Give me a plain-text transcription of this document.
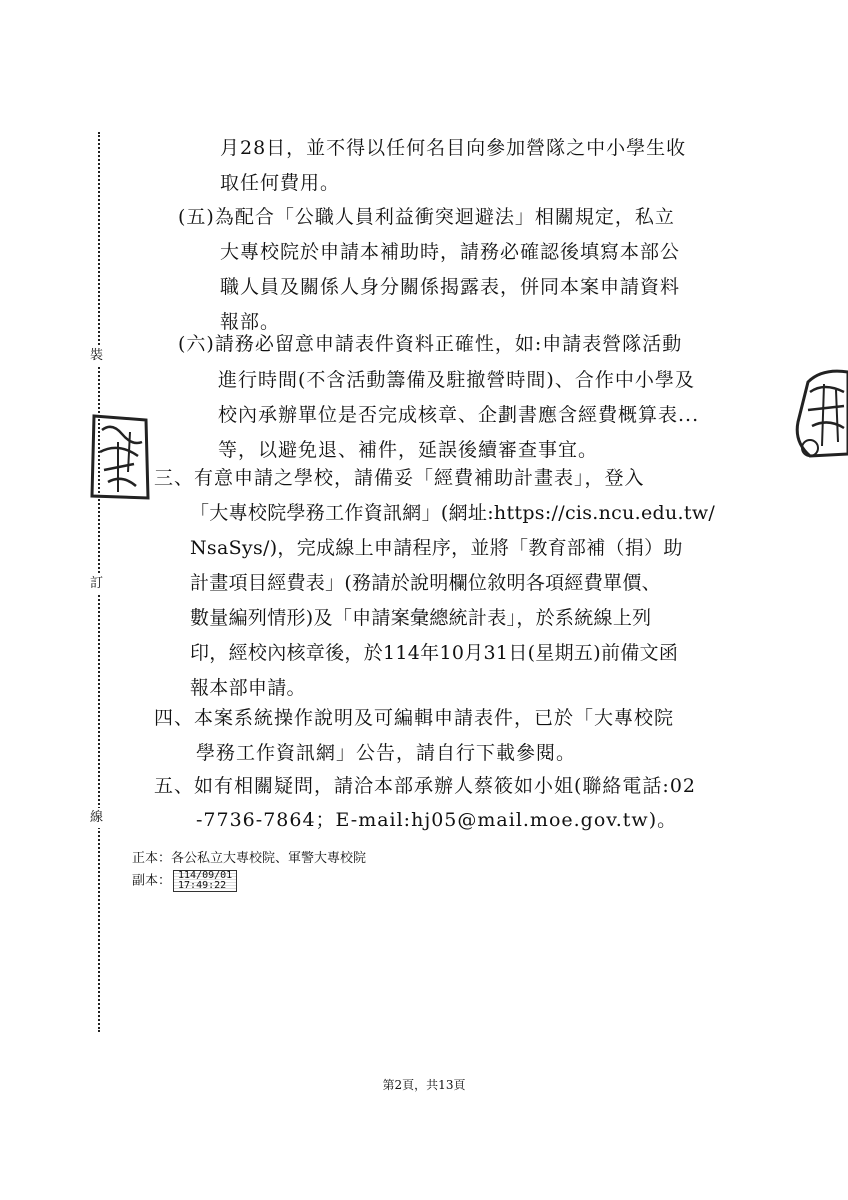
裝
訂
線
月28日，並不得以任何名目向參加營隊之中小學生收
取任何費用。
(五)為配合「公職人員利益衝突迴避法」相關規定，私立
大專校院於申請本補助時，請務必確認後填寫本部公
職人員及關係人身分關係揭露表，併同本案申請資料
報部。
(六)請務必留意申請表件資料正確性，如:申請表營隊活動
進行時間(不含活動籌備及駐撤營時間)、合作中小學及
校內承辦單位是否完成核章、企劃書應含經費概算表...
等，以避免退、補件，延誤後續審查事宜。
三、有意申請之學校，請備妥「經費補助計畫表」，登入
「大專校院學務工作資訊網」(網址:https://cis.ncu.edu.tw/
NsaSys/)，完成線上申請程序，並將「教育部補（捐）助
計畫項目經費表」(務請於說明欄位敘明各項經費單價、
數量編列情形)及「申請案彙總統計表」，於系統線上列
印，經校內核章後，於114年10月31日(星期五)前備文函
報本部申請。
四、本案系統操作說明及可編輯申請表件，已於「大專校院
學務工作資訊網」公告，請自行下載參閱。
五、如有相關疑問，請洽本部承辦人蔡筱如小姐(聯絡電話:02
-7736-7864；E-mail:hj05@mail.moe.gov.tw)。
正本：各公私立大專校院、軍警大專校院
副本： 114/09/01
17:49:22
第2頁，共13頁
